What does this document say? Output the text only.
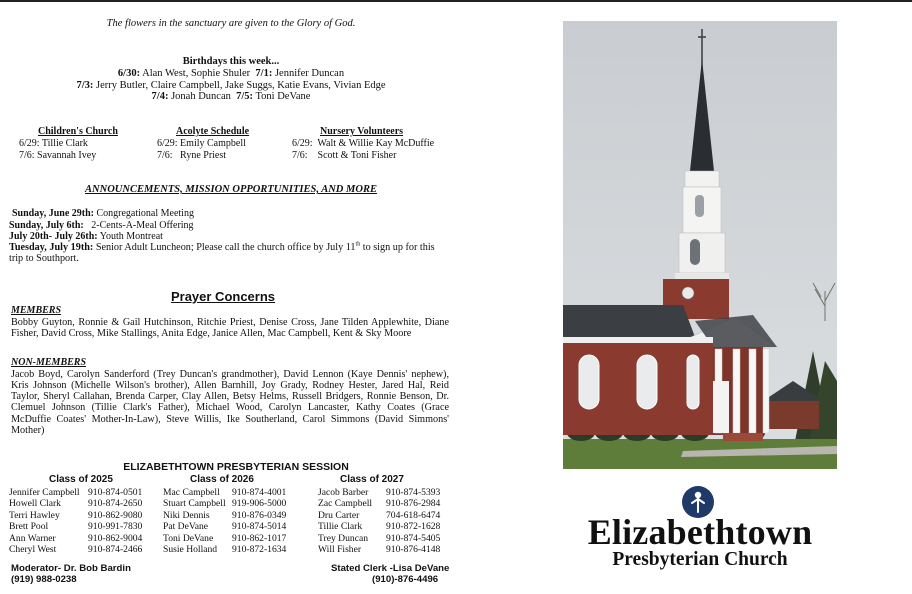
The flowers in the sanctuary are given to the Glory of God.
Birthdays this week...
6/30: Alan West, Sophie Shuler  7/1: Jennifer Duncan
7/3: Jerry Butler, Claire Campbell, Jake Suggs, Katie Evans, Vivian Edge
7/4: Jonah Duncan  7/5: Toni DeVane
Children's Church
6/29: Tillie Clark
7/6: Savannah Ivey
Acolyte Schedule
6/29: Emily Campbell
7/6:   Ryne Priest
Nursery Volunteers
6/29:  Walt & Willie Kay McDuffie
7/6:    Scott & Toni Fisher
ANNOUNCEMENTS, MISSION OPPORTUNITIES, AND MORE
Sunday, June 29th: Congregational Meeting
Sunday, July 6th:   2-Cents-A-Meal Offering
July 20th- July 26th: Youth Montreat
Tuesday, July 19th: Senior Adult Luncheon; Please call the church office by July 11th to sign up for this trip to Southport.
Prayer Concerns
MEMBERS
Bobby Guyton, Ronnie & Gail Hutchinson, Ritchie Priest, Denise Cross, Jane Tilden Applewhite, Diane Fisher, David Cross, Mike Stallings, Anita Edge, Janice Allen, Mac Campbell, Kent & Sky Moore
NON-MEMBERS
Jacob Boyd, Carolyn Sanderford (Trey Duncan's grandmother), David Lennon (Kaye Dennis' nephew), Kris Johnson (Michelle Wilson's brother), Allen Barnhill, Joy Grady, Rodney Hester, Jared Hal, Reid Taylor, Sheryl Callahan, Brenda Carper, Clay Allen, Betsy Helms, Russell Bridgers, Ronnie Benson, Dr. Clemuel Johnson (Tillie Clark's Father), Michael Wood, Carolyn Lancaster, Kathy Coates (Grace McDuffie Coates' Mother-In-Law), Steve Willis, Ike Southerland, Carol Simmons (David Simmons' Mother)
ELIZABETHTOWN PRESBYTERIAN SESSION
Class of 2025
Jennifer Campbell	910-874-0501
Howell Clark	910-874-2650
Terri Hawley	910-862-9080
Brett Pool	910-991-7830
Ann Warner	910-862-9004
Cheryl West	910-874-2466
Class of 2026
Mac Campbell	910-874-4001
Stuart Campbell	919-906-5000
Niki Dennis	910-876-0349
Pat DeVane	910-874-5014
Toni DeVane	910-862-1017
Susie Holland	910-872-1634
Class of 2027
Jacob Barber	910-874-5393
Zac Campbell	910-876-2984
Dru Carter	704-618-6474
Tillie Clark	910-872-1628
Trey Duncan	910-874-5405
Will Fisher	910-876-4148
Moderator- Dr. Bob Bardin
(919) 988-0238
Stated Clerk -Lisa DeVane
(910)-876-4496
Elizabethtown
Presbyterian Church
